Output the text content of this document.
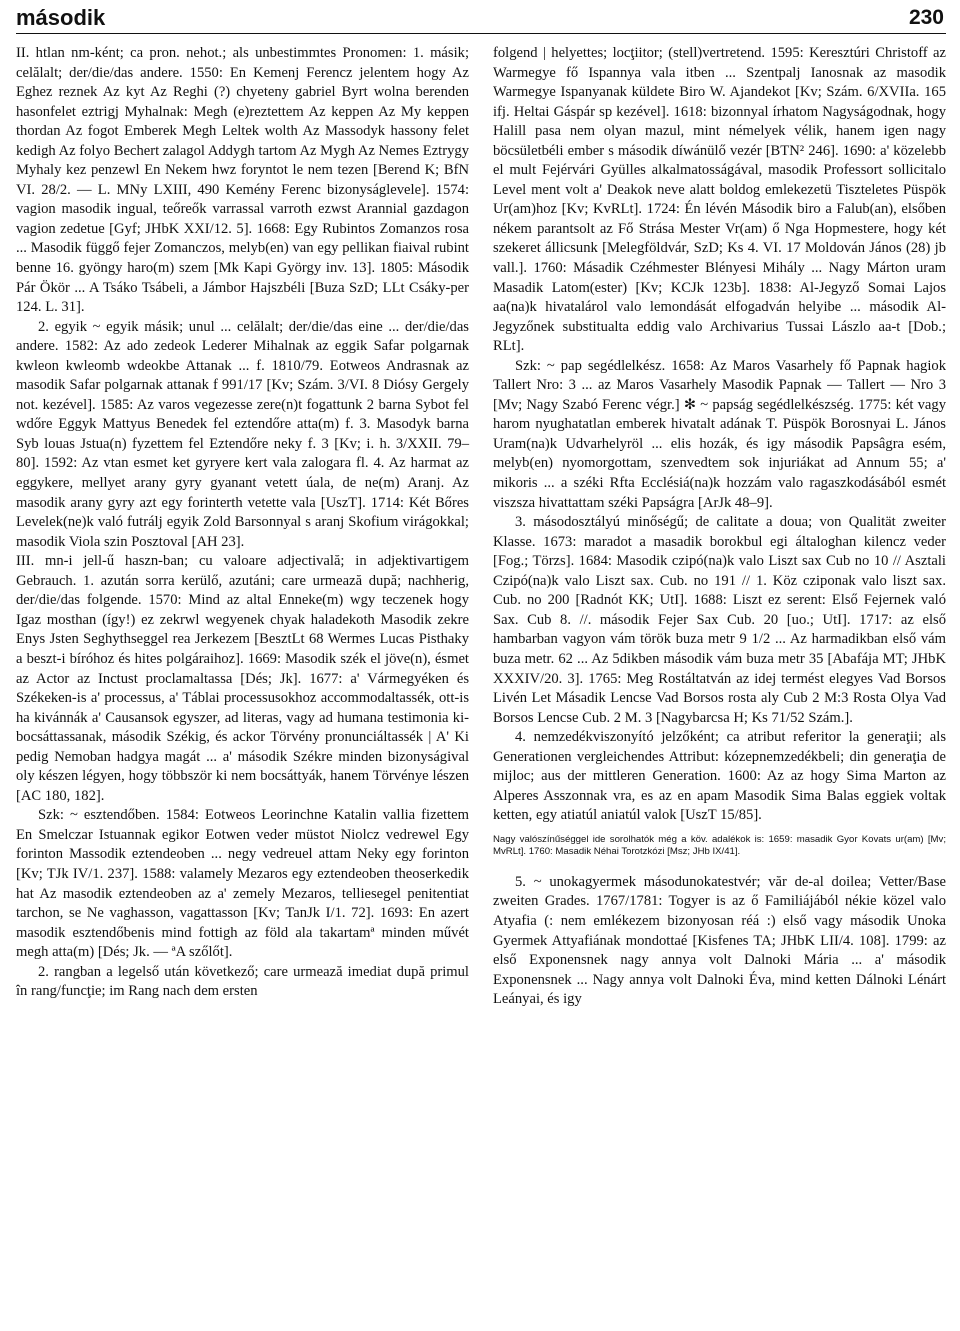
második	230

II. htlan nm-ként; ca pron. nehot.; als unbestimmtes Pronomen: 1. másik; celălalt; der/die/das andere. 1550: En Kemenj Ferencz jelentem hogy Az Eghez reznek Az kyt Az Reghi (?) chyeteny gabriel Byrt wolna berenden hasonfelet eztrigj Myhalnak: Megh (e)reztettem Az keppen Az My keppen thordan Az fogot Emberek Megh Leltek wolth Az Massodyk hassony felet kedigh Az folyo Bechert zalagol Addygh tartom Az Mygh Az Nemes Eztrygy Myhaly kez penzewl En Nekem hwz foryntot le nem tezen [Berend K; BfN VI. 28/2. — L. MNy LXIII, 490 Kemény Ferenc bizonyságlevele]. 1574: vagion masodik ingual, teőreők varrassal varroth ezwst Arannial gazdagon vagion zedetue [Gyf; JHbK XXI/12. 5]. 1668: Egy Rubintos Zomanzos rosa ... Masodik függő fejer Zomanczos, melyb(en) van egy pellikan fiaival rubint benne 16. gyöngy haro(m) szem [Mk Kapi György inv. 13]. 1805: Második Pár Ökör ... A Tsáko Tsábeli, a Jámbor Hajszbéli [Buza SzD; LLt Csáky-per 124. L. 31].

2. egyik ~ egyik másik; unul ... celălalt; der/die/das eine ... der/die/das andere. 1582: Az ado zedeok Lederer Mihalnak az eggik Safar polgarnak kwleon kwleomb wdeokbe Attanak ... f. 1810/79. Eotweos Andrasnak az masodik Safar polgarnak attanak f 991/17 [Kv; Szám. 3/VI. 8 Diósy Gergely not. kezével]. 1585: Az varos vegezesse zere(n)t fogattunk 2 barna Sybot fel wdőre Eggyk Mattyus Benedek fel eztendőre atta(m) f. 3. Masodyk barna Syb louas Jstua(n) fyzettem fel Eztendőre neky f. 3 [Kv; i. h. 3/XXII. 79–80]. 1592: Az vtan esmet ket gyryere kert vala zalogara fl. 4. Az harmat az eggykere, mellyet arany gyry gyanant vetett úala, de ne(m) Aranj. Az masodik arany gyry azt egy forinterth vetette vala [UszT]. 1714: Két Bőres Levelek(ne)k való futrálj egyik Zold Barsonnyal s aranj Skofium virágokkal; masodik Viola szin Posztoval [AH 23].

III. mn-i jell-ű haszn-ban; cu valoare adjectivală; in adjektivartigem Gebrauch. 1. azután sorra kerülő, azutáni; care urmează după; nachherig, der/die/das folgende. 1570: Mind az altal Enneke(m) wgy teczenek hogy Igaz mosthan (így!) ez zekrwl wegyenek chyak haladekoth Masodik zekre Enys Jsten Seghythseggel rea Jerkezem [BesztLt 68 Wermes Lucas Pisthaky a beszt-i bíróhoz és hites polgáraihoz]. 1669: Masodik szék el jöve(n), ésmet az Actor az Inctust proclamaltassa [Dés; Jk]. 1677: a' Vármegyéken és Székeken-is a' processus, a' Táblai processusokhoz accommodaltassék, ott-is ha kivánnák a' Causansok egyszer, ad literas, vagy ad humana testimonia ki-bocsáttassanak, második Székig, és ackor Törvény pronunciáltassék | A' Ki pedig Nemoban hadgya magát ... a' második Székre minden bizonyságival oly készen légyen, hogy többször ki nem bocsáttyák, hanem Törvénye lészen [AC 180, 182].

Szk: ~ esztendőben. 1584: Eotweos Leorinchne Katalin vallia fizettem En Smelczar Istuannak egikor Eotwen veder müstot Niolcz vedrewel Egy forinton Massodik eztendeoben ... negy vedreuel attam Neky egy forinton [Kv; TJk IV/1. 237]. 1588: valamely Mezaros egy eztendeoben theoserkedik hat Az masodik eztendeoben az a' zemely Mezaros, telliesegel penitentiat tarchon, se Ne vaghasson, vagattasson [Kv; TanJk I/1. 72]. 1693: En azert masodik esztendőbenis mind fottigh az föld ala takartamª minden művét megh atta(m) [Dés; Jk. — ªA szőlőt].

2. rangban a legelső után következő; care urmează imediat după primul în rang/funcţie; im Rang nach dem ersten

folgend | helyettes; locţiitor; (stell)vertretend. 1595: Keresztúri Christoff az Warmegye fő Ispannya vala itben ... Szentpalj Ianosnak az masodik Warmegye Ispanyanak küldete Biro W. Ajandekot [Kv; Szám. 6/XVIIa. 165 ifj. Heltai Gáspár sp kezével]. 1618: bizonnyal írhatom Nagyságodnak, hogy Halill pasa nem olyan mazul, mint némelyek vélik, hanem igen nagy böcsületbéli ember s második díwánülő vezér [BTN² 246]. 1690: a' közelebb el mult Fejérvári Gyülles alkalmatosságával, masodik Professort sollicitalo Level ment volt a' Deakok neve alatt boldog emlekezetü Tiszteletes Püspök Ur(am)hoz [Kv; KvRLt]. 1724: Én lévén Második biro a Falub(an), elsőben nékem parantsolt az Fő Strása Mester Vr(am) ő Nga Hopmestere, hogy két szekeret állicsunk [Melegföldvár, SzD; Ks 4. VI. 17 Moldován János (28) jb vall.]. 1760: Másadik Czéhmester Blényesi Mihály ... Nagy Márton uram Masadik Latom(ester) [Kv; KCJk 123b]. 1838: Al-Jegyző Somai Lajos aa(na)k hivatalárol valo lemondását elfogadván helyibe ... második Al-Jegyzőnek substitualta eddig valo Archivarius Tussai Lászlo aa-t [Dob.; RLt].

Szk: ~ pap segédlelkész. 1658: Az Maros Vasarhely fő Papnak hagiok Tallert Nro: 3 ... az Maros Vasarhely Masodik Papnak — Tallert — Nro 3 [Mv; Nagy Szabó Ferenc végr.] ✻ ~ papság segédlelkészség. 1775: két vagy harom nyughatatlan emberek hivatalt adának T. Püspök Borosnyai L. János Uram(na)k Udvarhelyröl ... elis hozák, és igy második Papsâgra esém, melyb(en) nyomorgottam, szenvedtem sok injuriákat ad Annum 55; a' mikoris ... a széki Rfta Ecclésiá(na)k hozzám valo ragaszkodásából esmét viszsza hivattattam széki Papságra [ArJk 48–9].

3. másodosztályú minőségű; de calitate a doua; von Qualität zweiter Klasse. 1673: maradot a masadik borokbul egi általoghan kilencz veder [Fog.; Törzs]. 1684: Masodik czipó(na)k valo Liszt sax Cub no 10 // Asztali Czipó(na)k valo Liszt sax. Cub. no 191 // 1. Köz cziponak valo liszt sax. Cub. no 200 [Radnót KK; UtI]. 1688: Liszt ez serent: Első Fejernek való Sax. Cub 8. //. második Fejer Sax Cub. 20 [uo.; UtI]. 1717: az első hambarban vagyon vám török buza metr 9 1/2 ... Az harmadikban első vám buza metr. 62 ... Az 5dikben második vám buza metr 35 [Abafája MT; JHbK XXXIV/20. 3]. 1765: Meg Rostáltatván az idej termést elegyes Vad Borsos Livén Let Másadik Lencse Vad Borsos rosta aly Cub 2 M:3 Rosta Olya Vad Borsos Lencse Cub. 2 M. 3 [Nagybarcsa H; Ks 71/52 Szám.].

4. nemzedékviszonyító jelzőként; ca atribut referitor la generaţii; als Generationen vergleichendes Attribut: kózepnemzedékbeli; din generaţia de mijloc; aus der mittleren Generation. 1600: Az az hogy Sima Marton az Alperes Asszonnak vra, es az en apam Masodik Sima Balas eggiek voltak ketten, egy atiatúl aniatúl valok [UszT 15/85].

Nagy valószínűséggel ide sorolhatók még a köv. adalékok is: 1659: masadik Gyor Kovats ur(am) [Mv; MvRLt]. 1760: Masadik Néhai Torotzkózi [Msz; JHb IX/41].

5. ~ unokagyermek másodunokatestvér; văr de-al doilea; Vetter/Base zweiten Grades. 1767/1781: Togyer is az ő Familiájából nékie közel valo Atyafia (: nem emlékezem bizonyosan réá :) első vagy második Unoka Gyermek Attyafiának mondottaé [Kisfenes TA; JHbK LII/4. 108]. 1799: az első Exponensnek nagy annya volt Dalnoki Mária ... a' második Exponensnek ... Nagy annya volt Dalnoki Éva, mind ketten Dálnoki Lénárt Leányai, és igy
